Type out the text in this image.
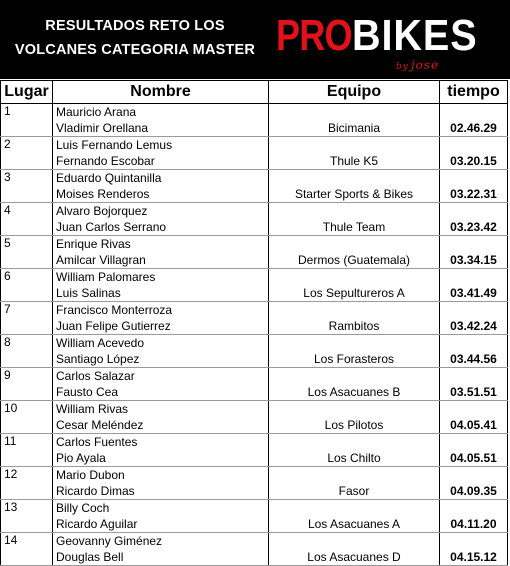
RESULTADOS RETO LOS
VOLCANES CATEGORIA MASTER PRO BIKES
by jose
Lugar	Nombre	Equipo	tiempo
1	Mauricio Arana
Vladimir Orellana	Bicimania	02.46.29
2	Luis Fernando Lemus
Fernando Escobar	Thule K5	03.20.15
3	Eduardo Quintanilla
Moises Renderos	Starter Sports & Bikes	03.22.31
4	Alvaro Bojorquez
Juan Carlos Serrano	Thule Team	03.23.42
5	Enrique Rivas
Amilcar Villagran	Dermos (Guatemala)	03.34.15
6	William Palomares
Luis Salinas	Los Sepultureros A	03.41.49
7	Francisco Monterroza
Juan Felipe Gutierrez	Rambitos	03.42.24
8	William Acevedo
Santiago López	Los Forasteros	03.44.56
9	Carlos Salazar
Fausto Cea	Los Asacuanes B	03.51.51
10	William Rivas
Cesar Meléndez	Los Pilotos	04.05.41
11	Carlos Fuentes
Pio Ayala	Los Chilto	04.05.51
12	Mario Dubon
Ricardo Dimas	Fasor	04.09.35
13	Billy Coch
Ricardo Aguilar	Los Asacuanes A	04.11.20
14	Geovanny Giménez
Douglas Bell	Los Asacuanes D	04.15.12
